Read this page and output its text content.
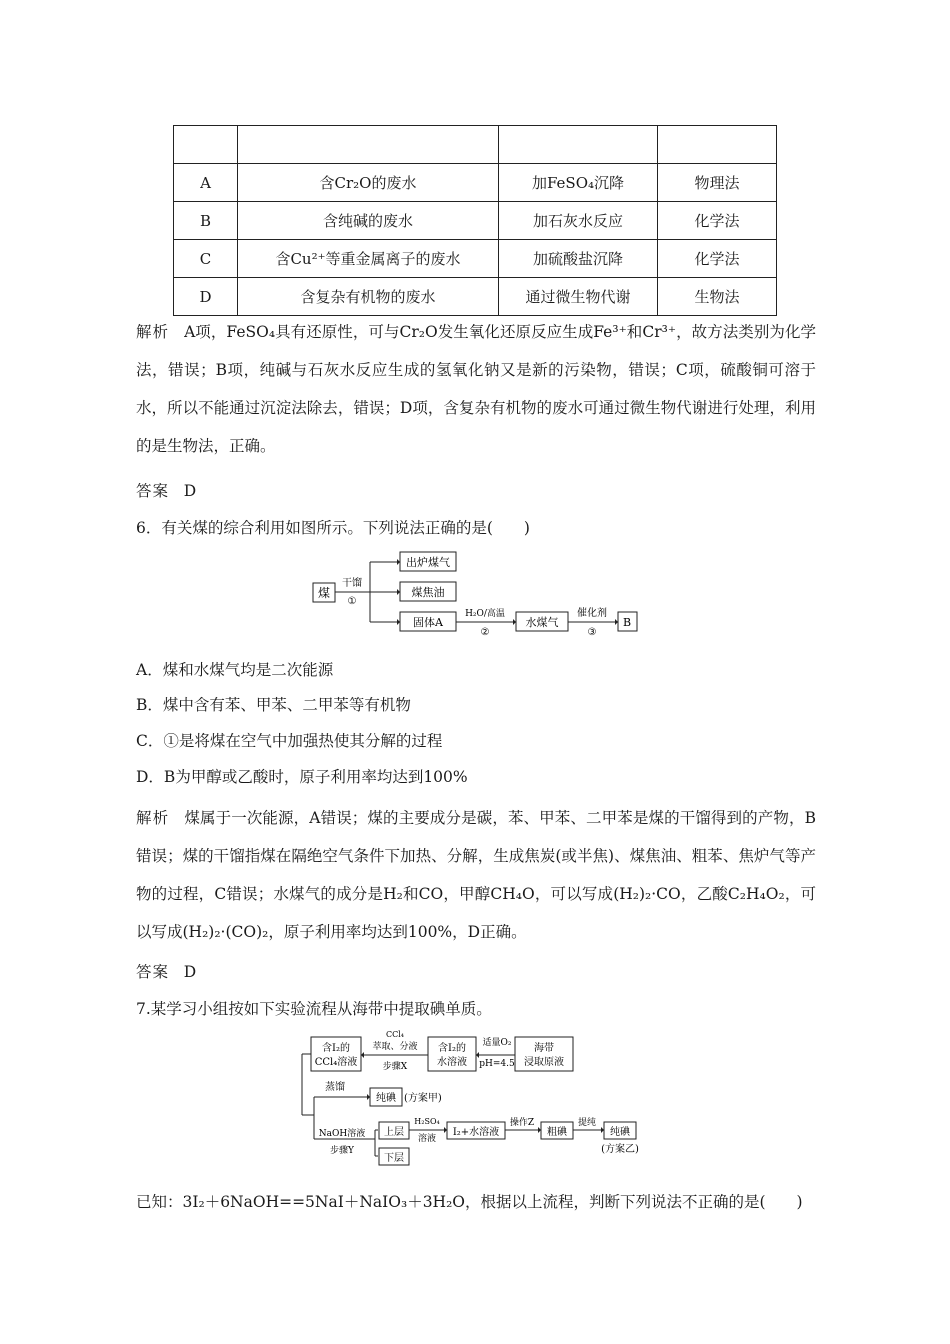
A	含Cr₂O的废水	加FeSO₄沉降	物理法
B	含纯碱的废水	加石灰水反应	化学法
C	含Cu²⁺等重金属离子的废水	加硫酸盐沉降	化学法
D	含复杂有机物的废水	通过微生物代谢	生物法
解析 A项，FeSO₄具有还原性，可与Cr₂O发生氧化还原反应生成Fe³⁺和Cr³⁺，故方法类别为化学法，错误；B项，纯碱与石灰水反应生成的氢氧化钠又是新的污染物，错误；C项，硫酸铜可溶于水，所以不能通过沉淀法除去，错误；D项，含复杂有机物的废水可通过微生物代谢进行处理，利用的是生物法，正确。
答案 D
6．有关煤的综合利用如图所示。下列说法正确的是(　　)
煤
干馏
①
出炉煤气
煤焦油
固体A
H₂O/高温
②
水煤气
催化剂
③
B
A．煤和水煤气均是二次能源
B．煤中含有苯、甲苯、二甲苯等有机物
C．①是将煤在空气中加强热使其分解的过程
D．B为甲醇或乙酸时，原子利用率均达到100%
解析 煤属于一次能源，A错误；煤的主要成分是碳，苯、甲苯、二甲苯是煤的干馏得到的产物，B错误；煤的干馏指煤在隔绝空气条件下加热、分解，生成焦炭(或半焦)、煤焦油、粗苯、焦炉气等产物的过程，C错误；水煤气的成分是H₂和CO，甲醇CH₄O，可以写成(H₂)₂·CO，乙酸C₂H₄O₂，可以写成(H₂)₂·(CO)₂，原子利用率均达到100%，D正确。
答案 D
7.某学习小组按如下实验流程从海带中提取碘单质。
含I₂的
CCl₄溶液
CCl₄
萃取、分液
步骤X
含I₂的
水溶液
适量O₂
pH=4.5
海带
浸取原液
蒸馏
纯碘 (方案甲)
NaOH溶液
步骤Y
上层
下层
H₂SO₄
溶液
I₂+水溶液
操作Z
粗碘
提纯
纯碘
(方案乙)
已知：3I₂＋6NaOH==5NaI＋NaIO₃＋3H₂O，根据以上流程，判断下列说法不正确的是(　　)
